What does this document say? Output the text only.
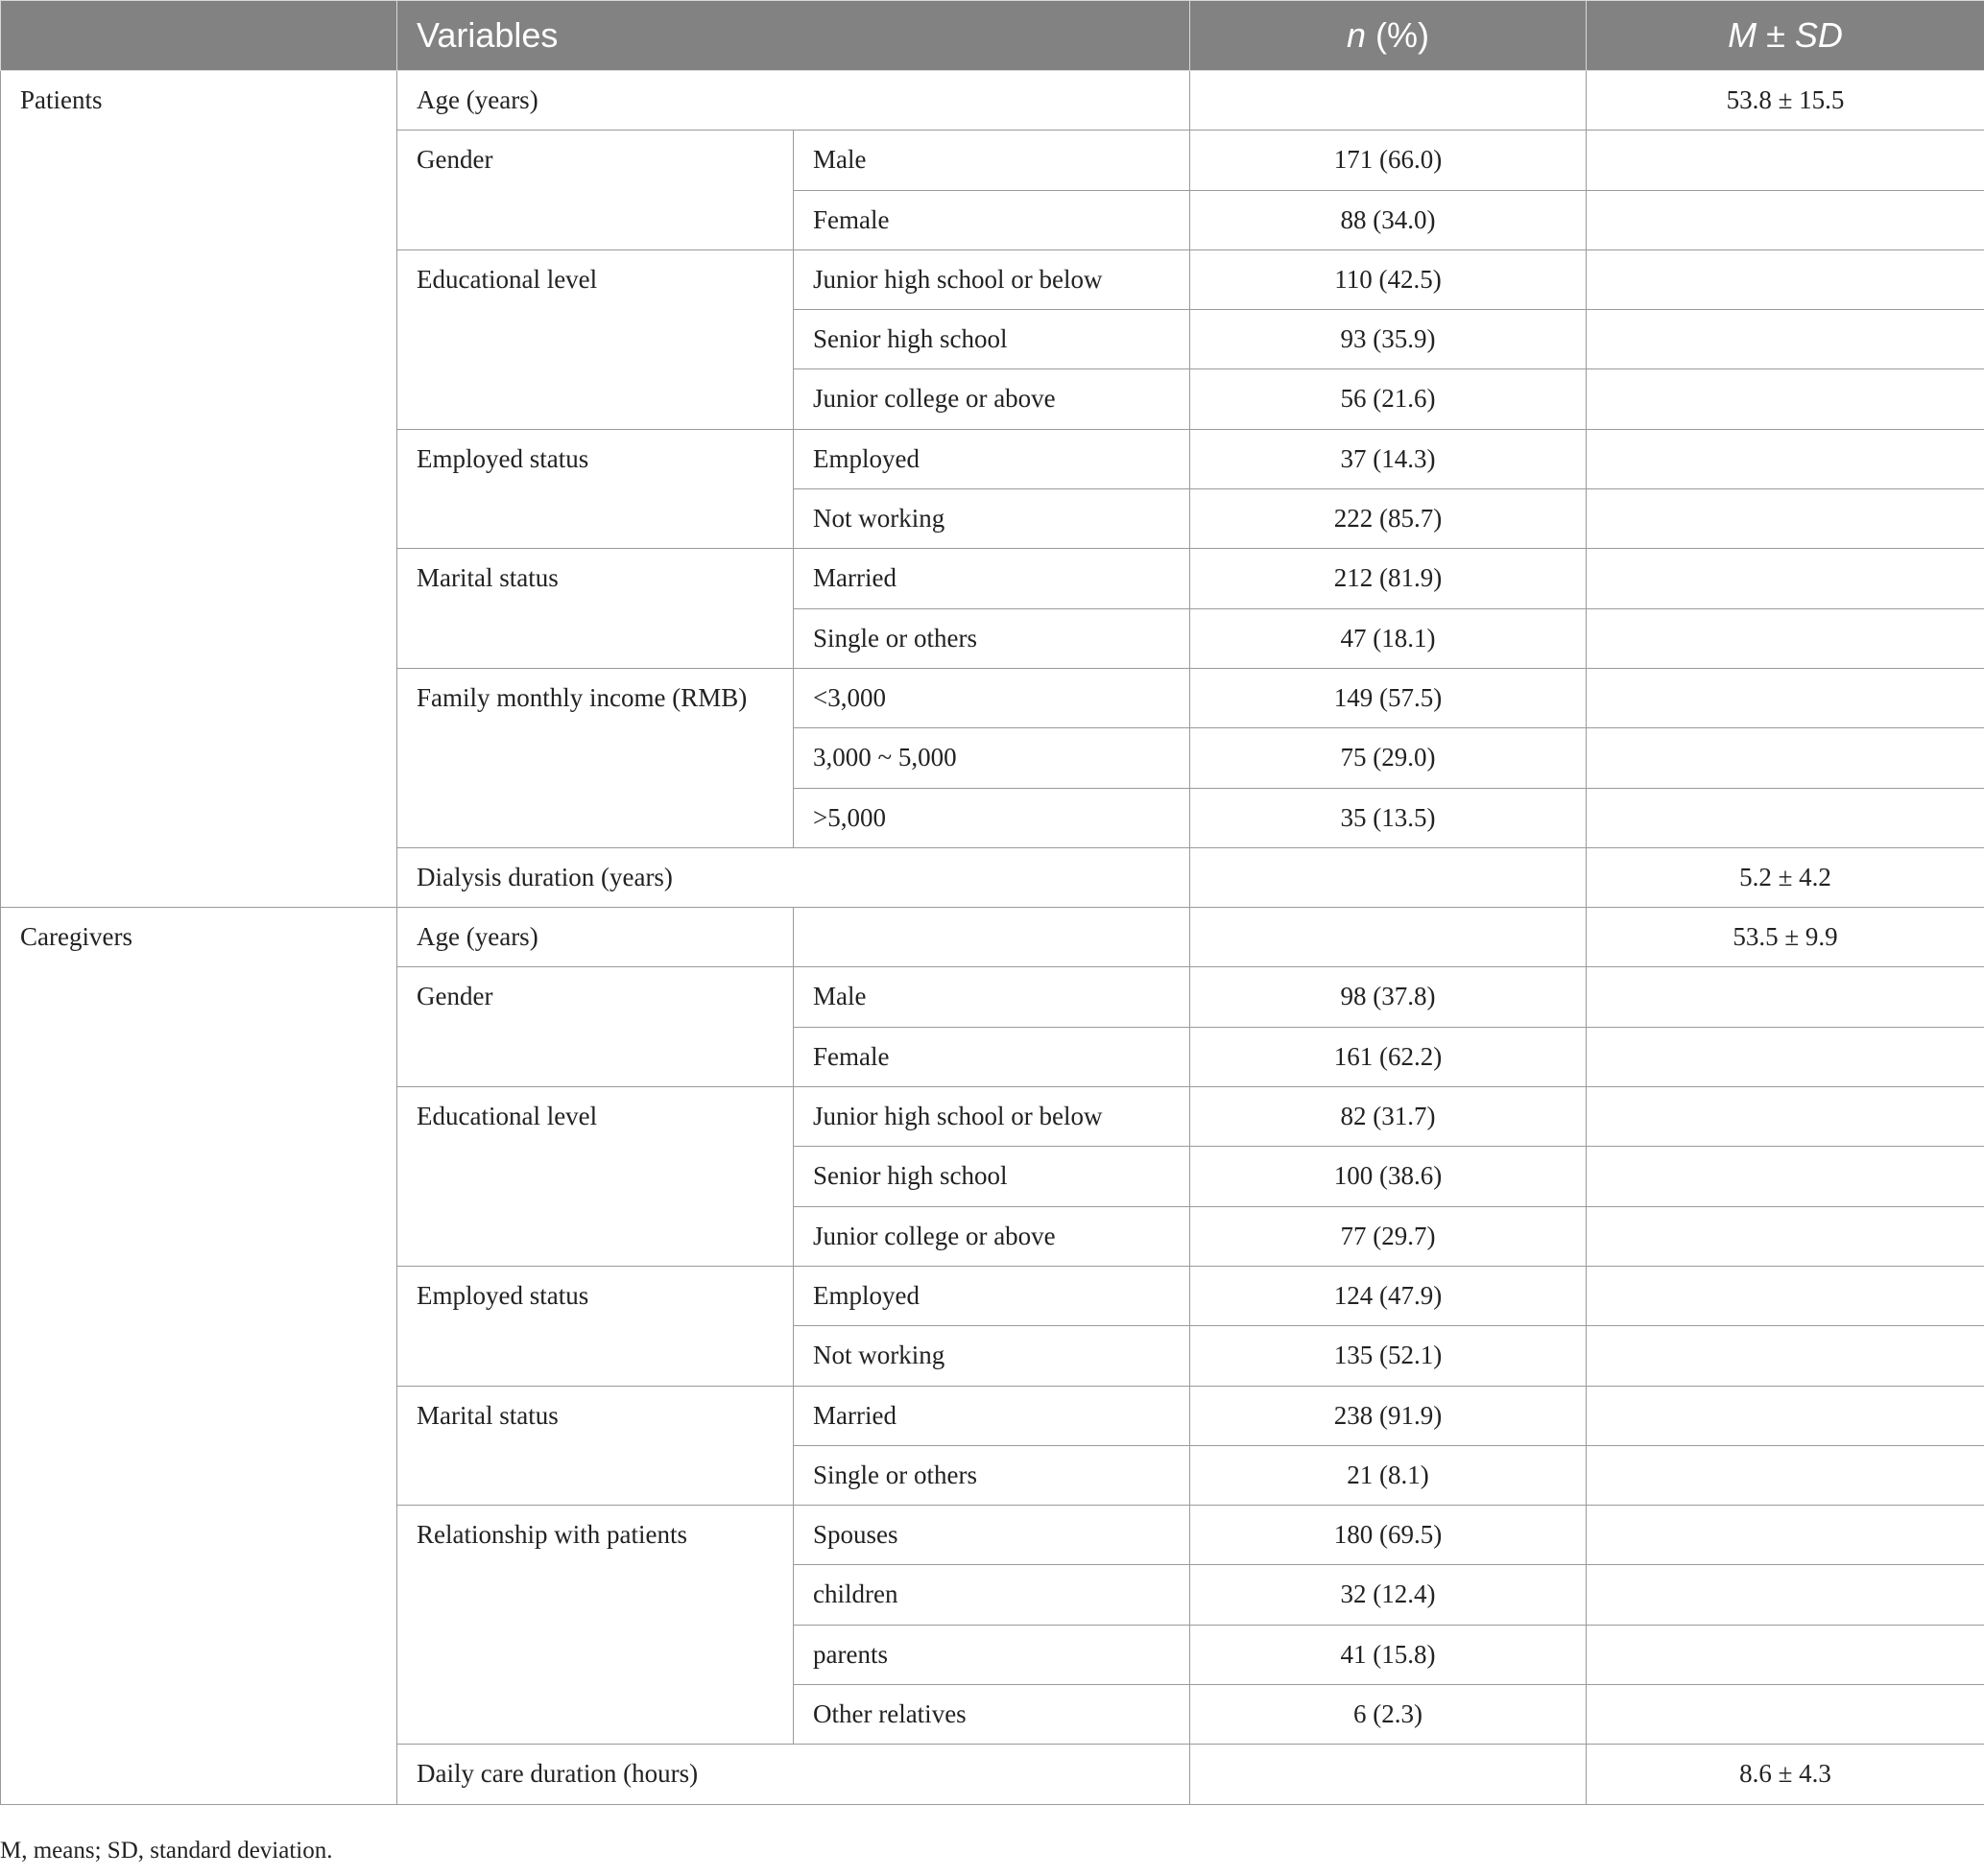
	Variables		n (%)	M ± SD
Patients	Age (years)			53.8 ± 15.5
	Gender	Male	171 (66.0)	
		Female	88 (34.0)	
	Educational level	Junior high school or below	110 (42.5)	
		Senior high school	93 (35.9)	
		Junior college or above	56 (21.6)	
	Employed status	Employed	37 (14.3)	
		Not working	222 (85.7)	
	Marital status	Married	212 (81.9)	
		Single or others	47 (18.1)	
	Family monthly income (RMB)	<3,000	149 (57.5)	
		3,000 ~ 5,000	75 (29.0)	
		>5,000	35 (13.5)	
	Dialysis duration (years)			5.2 ± 4.2
Caregivers	Age (years)			53.5 ± 9.9
	Gender	Male	98 (37.8)	
		Female	161 (62.2)	
	Educational level	Junior high school or below	82 (31.7)	
		Senior high school	100 (38.6)	
		Junior college or above	77 (29.7)	
	Employed status	Employed	124 (47.9)	
		Not working	135 (52.1)	
	Marital status	Married	238 (91.9)	
		Single or others	21 (8.1)	
	Relationship with patients	Spouses	180 (69.5)	
		children	32 (12.4)	
		parents	41 (15.8)	
		Other relatives	6 (2.3)	
	Daily care duration (hours)			8.6 ± 4.3
M, means; SD, standard deviation.
